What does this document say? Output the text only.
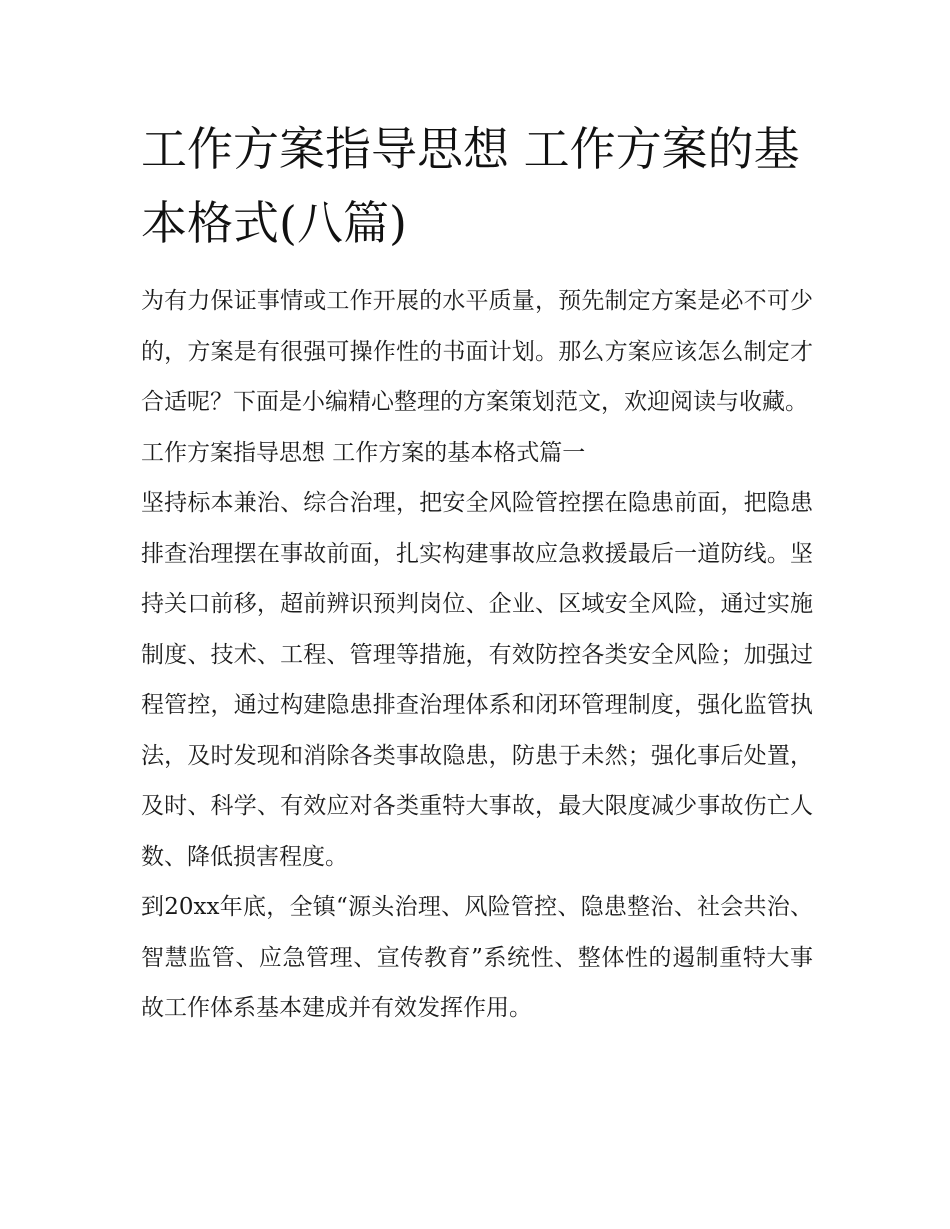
工作方案指导思想 工作方案的基本格式(八篇)

为有力保证事情或工作开展的水平质量，预先制定方案是必不可少的，方案是有很强可操作性的书面计划。那么方案应该怎么制定才合适呢？下面是小编精心整理的方案策划范文，欢迎阅读与收藏。

工作方案指导思想 工作方案的基本格式篇一

坚持标本兼治、综合治理，把安全风险管控摆在隐患前面，把隐患排查治理摆在事故前面，扎实构建事故应急救援最后一道防线。坚持关口前移，超前辨识预判岗位、企业、区域安全风险，通过实施制度、技术、工程、管理等措施，有效防控各类安全风险；加强过程管控，通过构建隐患排查治理体系和闭环管理制度，强化监管执法，及时发现和消除各类事故隐患，防患于未然；强化事后处置，及时、科学、有效应对各类重特大事故，最大限度减少事故伤亡人数、降低损害程度。

到20xx年底，全镇“源头治理、风险管控、隐患整治、社会共治、智慧监管、应急管理、宣传教育”系统性、整体性的遏制重特大事故工作体系基本建成并有效发挥作用。
